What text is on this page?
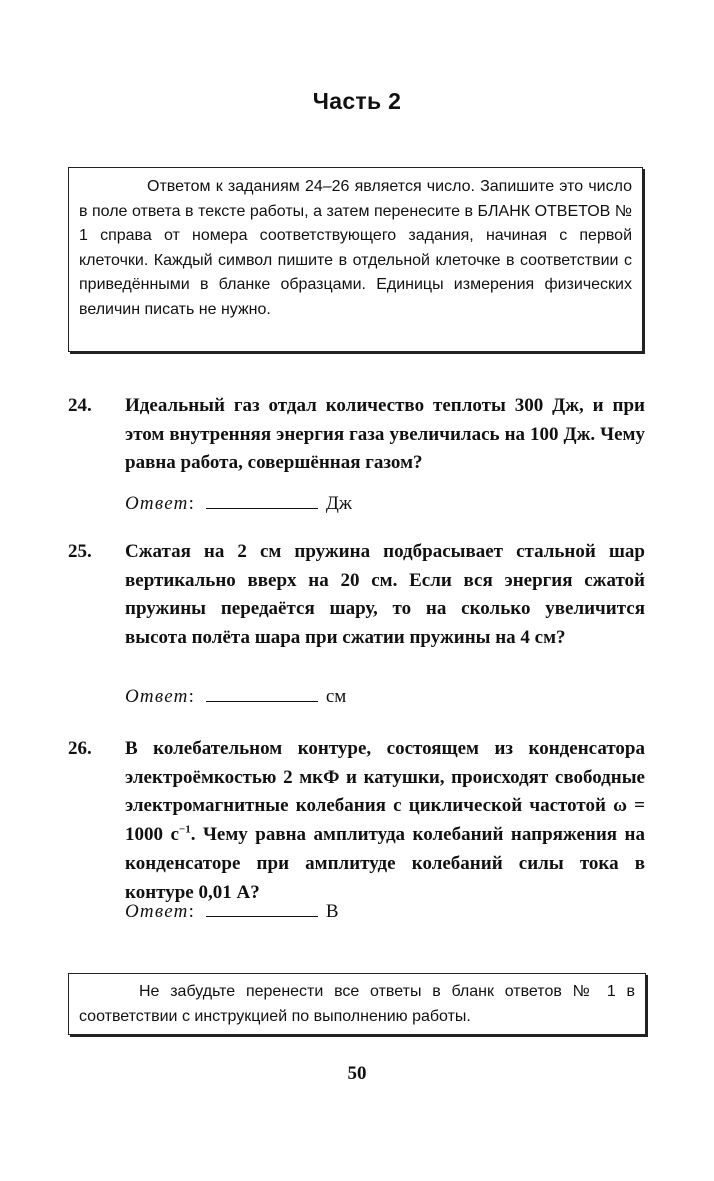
Часть 2
Ответом к заданиям 24–26 является число. Запишите это число в поле ответа в тексте работы, а затем перенесите в БЛАНК ОТВЕТОВ № 1 справа от номера соответствующего задания, начиная с первой клеточки. Каждый символ пишите в отдельной клеточке в соответствии с приведёнными в бланке образцами. Единицы измерения физических величин писать не нужно.
24. Идеальный газ отдал количество теплоты 300 Дж, и при этом внутренняя энергия газа увеличилась на 100 Дж. Чему равна работа, совершённая газом?
Ответ:	Дж
25. Сжатая на 2 см пружина подбрасывает стальной шар вертикально вверх на 20 см. Если вся энергия сжатой пружины передаётся шару, то на сколько увеличится высота полёта шара при сжатии пружины на 4 см?
Ответ:	см
26. В колебательном контуре, состоящем из конденсатора электроёмкостью 2 мкФ и катушки, происходят свободные электромагнитные колебания с циклической частотой ω = 1000 $с^{-1}$. Чему равна амплитуда колебаний напряжения на конденсаторе при амплитуде колебаний силы тока в контуре 0,01 А?
Ответ:	В
Не забудьте перенести все ответы в бланк ответов № 1 в соответствии с инструкцией по выполнению работы.
50
